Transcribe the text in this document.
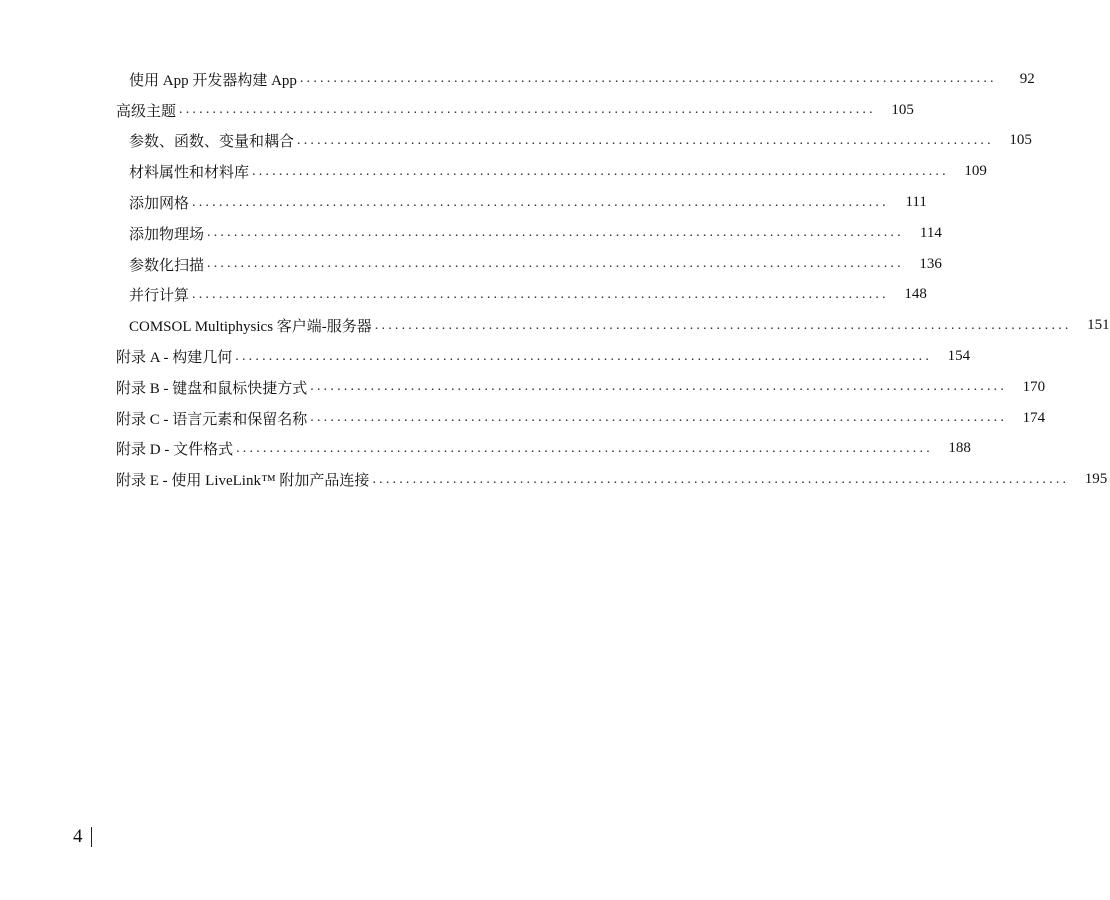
使用 App 开发器构建 App ........................................................................................................	92
高级主题 ........................................................................................................	105
参数、函数、变量和耦合 ........................................................................................................	105
材料属性和材料库 ........................................................................................................	109
添加网格 ........................................................................................................	111
添加物理场 ........................................................................................................	114
参数化扫描 ........................................................................................................	136
并行计算 ........................................................................................................	148
COMSOL Multiphysics 客户端-服务器 ........................................................................................................	151
附录 A - 构建几何 ........................................................................................................	154
附录 B - 键盘和鼠标快捷方式 ........................................................................................................	170
附录 C - 语言元素和保留名称 ........................................................................................................	174
附录 D - 文件格式 ........................................................................................................	188
附录 E - 使用 LiveLink™ 附加产品连接 ........................................................................................................	195
4
